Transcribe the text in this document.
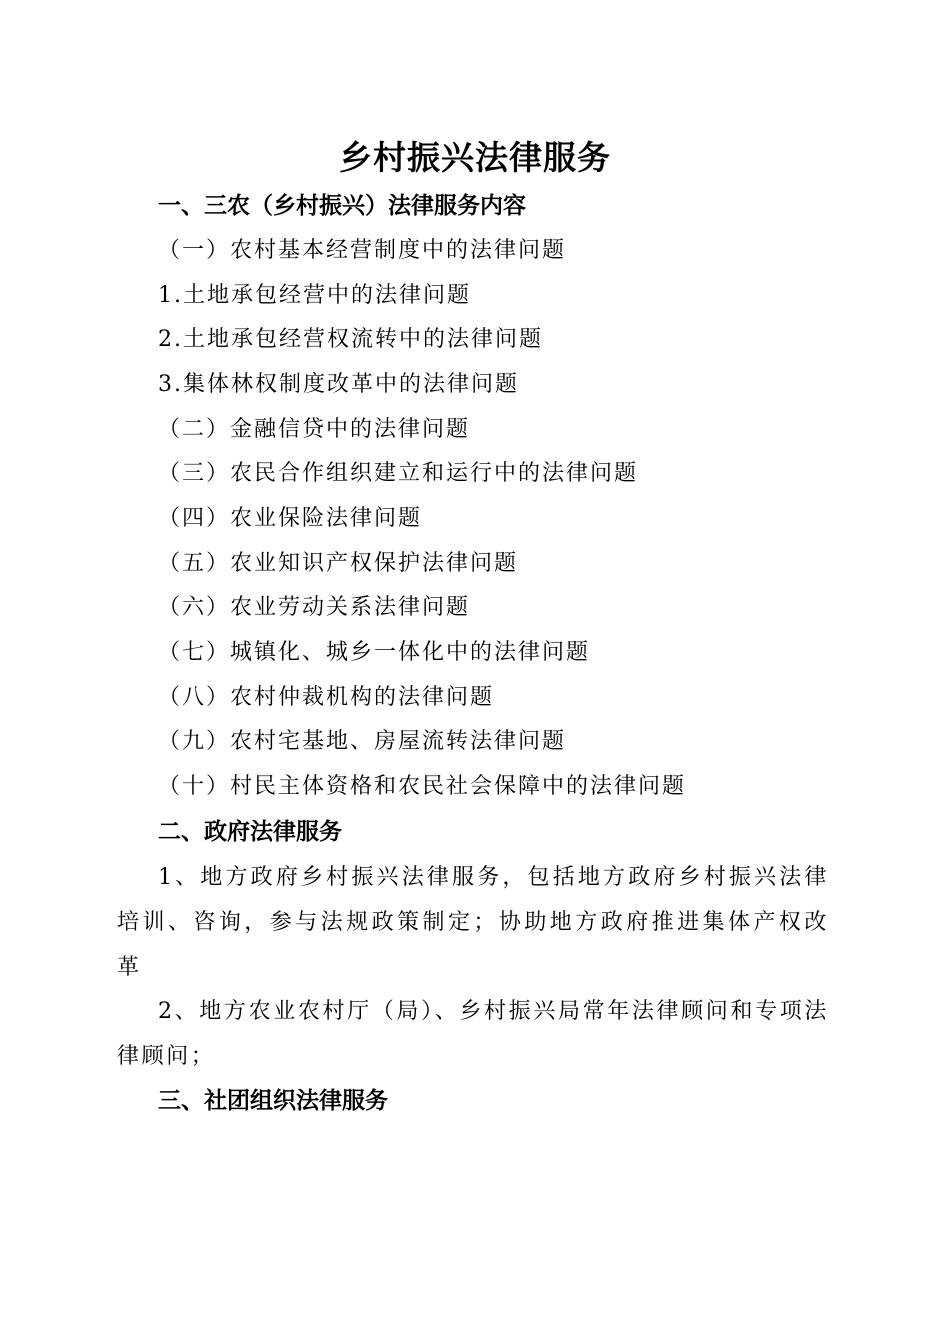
乡村振兴法律服务
一、三农（乡村振兴）法律服务内容
（一）农村基本经营制度中的法律问题
1.土地承包经营中的法律问题
2.土地承包经营权流转中的法律问题
3.集体林权制度改革中的法律问题
（二）金融信贷中的法律问题
（三）农民合作组织建立和运行中的法律问题
（四）农业保险法律问题
（五）农业知识产权保护法律问题
（六）农业劳动关系法律问题
（七）城镇化、城乡一体化中的法律问题
（八）农村仲裁机构的法律问题
（九）农村宅基地、房屋流转法律问题
（十）村民主体资格和农民社会保障中的法律问题
二、政府法律服务
1、地方政府乡村振兴法律服务，包括地方政府乡村振兴法律培训、咨询，参与法规政策制定；协助地方政府推进集体产权改革
2、地方农业农村厅（局）、乡村振兴局常年法律顾问和专项法律顾问；
三、社团组织法律服务
